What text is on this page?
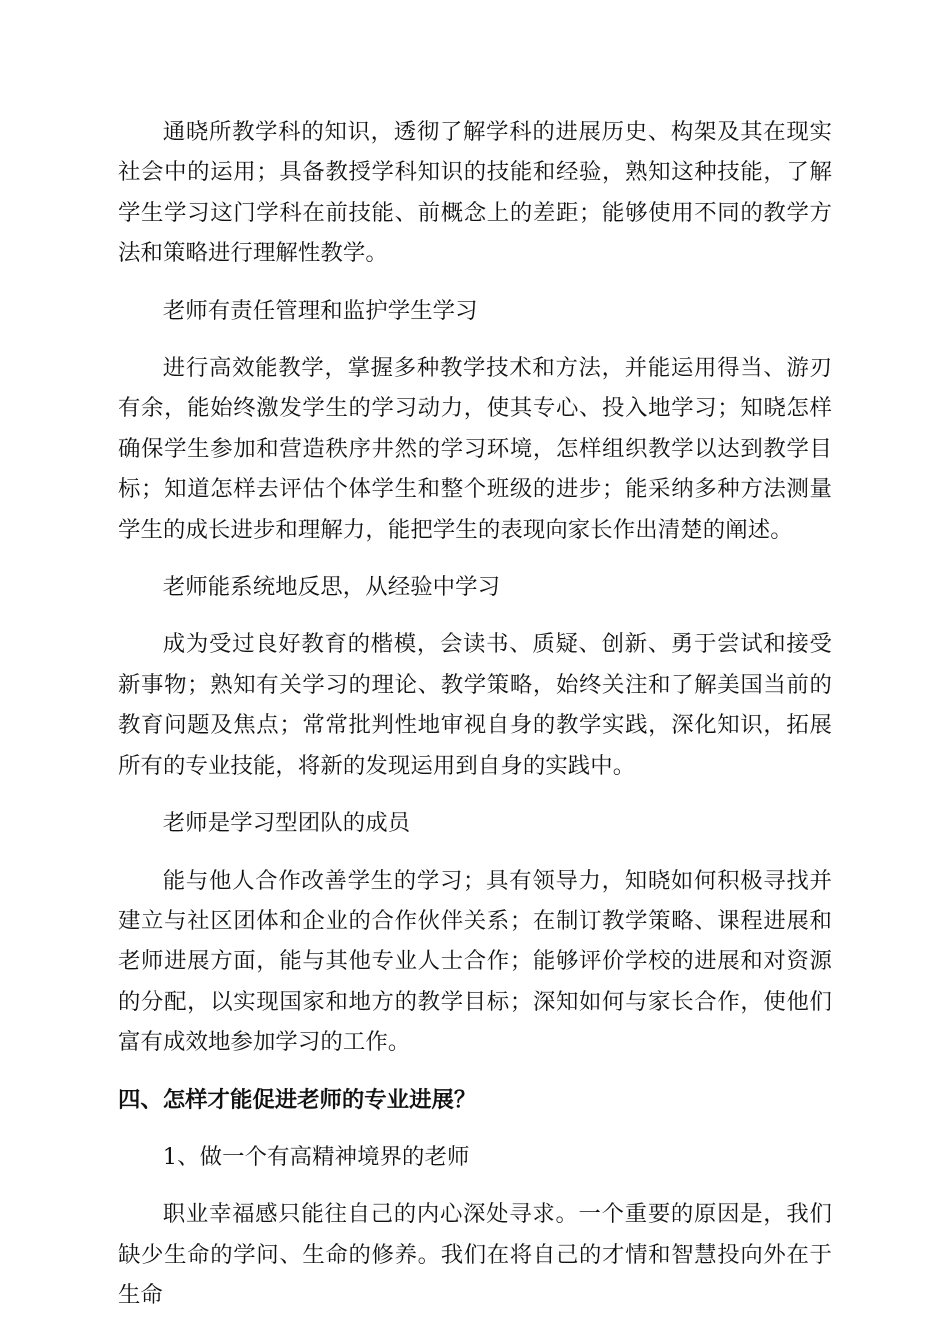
通晓所教学科的知识，透彻了解学科的进展历史、构架及其在现实社会中的运用；具备教授学科知识的技能和经验，熟知这种技能，了解学生学习这门学科在前技能、前概念上的差距；能够使用不同的教学方法和策略进行理解性教学。

老师有责任管理和监护学生学习

进行高效能教学，掌握多种教学技术和方法，并能运用得当、游刃有余，能始终激发学生的学习动力，使其专心、投入地学习；知晓怎样确保学生参加和营造秩序井然的学习环境，怎样组织教学以达到教学目标；知道怎样去评估个体学生和整个班级的进步；能采纳多种方法测量学生的成长进步和理解力，能把学生的表现向家长作出清楚的阐述。

老师能系统地反思，从经验中学习

成为受过良好教育的楷模，会读书、质疑、创新、勇于尝试和接受新事物；熟知有关学习的理论、教学策略，始终关注和了解美国当前的教育问题及焦点；常常批判性地审视自身的教学实践，深化知识，拓展所有的专业技能，将新的发现运用到自身的实践中。

老师是学习型团队的成员

能与他人合作改善学生的学习；具有领导力，知晓如何积极寻找并建立与社区团体和企业的合作伙伴关系；在制订教学策略、课程进展和老师进展方面，能与其他专业人士合作；能够评价学校的进展和对资源的分配，以实现国家和地方的教学目标；深知如何与家长合作，使他们富有成效地参加学习的工作。

四、怎样才能促进老师的专业进展？

1、做一个有高精神境界的老师

职业幸福感只能往自己的内心深处寻求。一个重要的原因是，我们缺少生命的学问、生命的修养。我们在将自己的才情和智慧投向外在于生命
